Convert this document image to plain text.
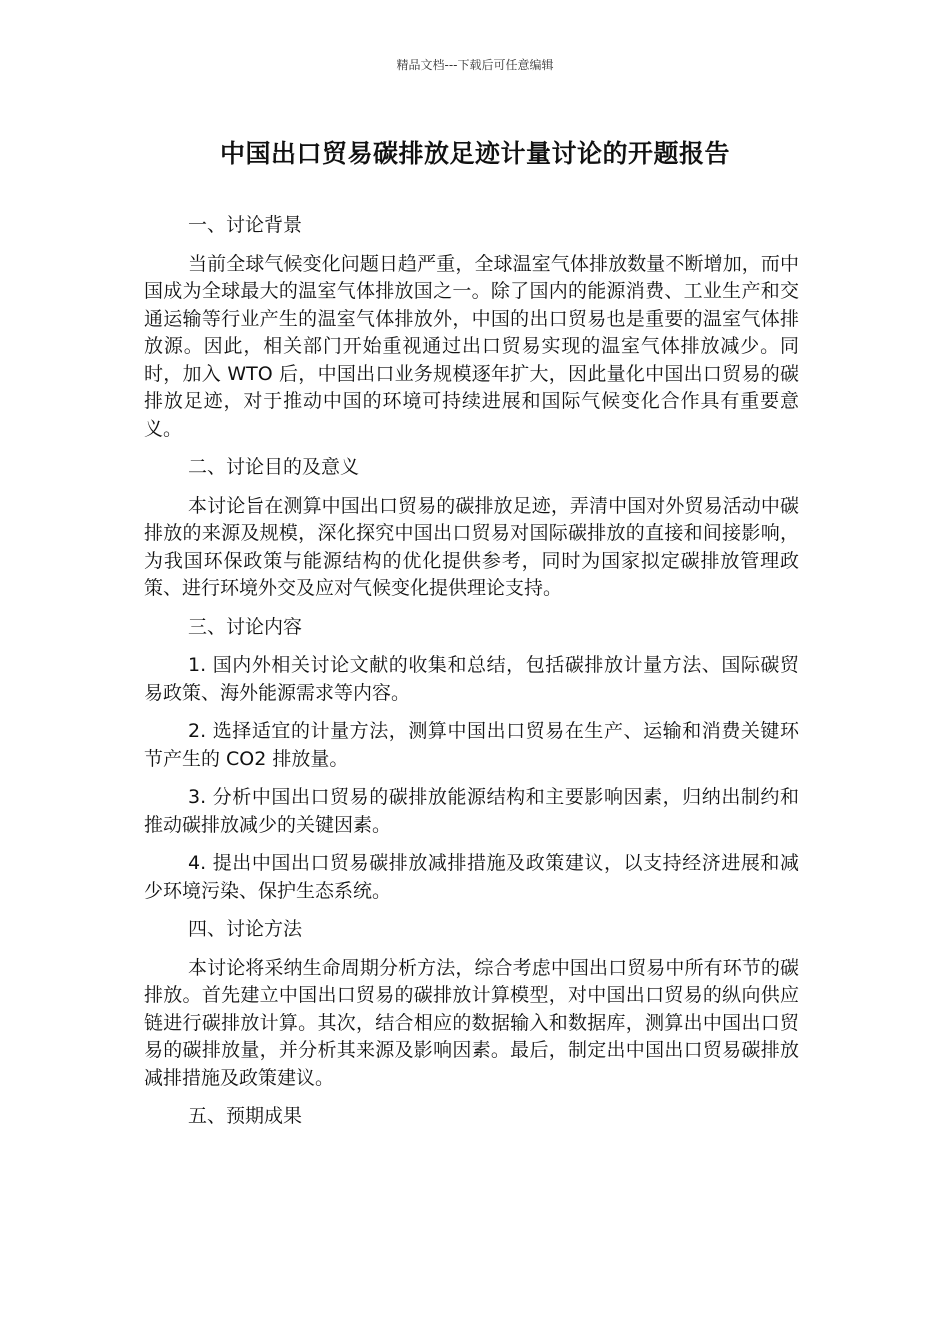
精品文档---下载后可任意编辑
中国出口贸易碳排放足迹计量讨论的开题报告

一、讨论背景

当前全球气候变化问题日趋严重，全球温室气体排放数量不断增加，而中国成为全球最大的温室气体排放国之一。除了国内的能源消费、工业生产和交通运输等行业产生的温室气体排放外，中国的出口贸易也是重要的温室气体排放源。因此，相关部门开始重视通过出口贸易实现的温室气体排放减少。同时，加入 WTO 后，中国出口业务规模逐年扩大，因此量化中国出口贸易的碳排放足迹，对于推动中国的环境可持续进展和国际气候变化合作具有重要意义。

二、讨论目的及意义

本讨论旨在测算中国出口贸易的碳排放足迹，弄清中国对外贸易活动中碳排放的来源及规模，深化探究中国出口贸易对国际碳排放的直接和间接影响，为我国环保政策与能源结构的优化提供参考，同时为国家拟定碳排放管理政策、进行环境外交及应对气候变化提供理论支持。

三、讨论内容

1. 国内外相关讨论文献的收集和总结，包括碳排放计量方法、国际碳贸易政策、海外能源需求等内容。

2. 选择适宜的计量方法，测算中国出口贸易在生产、运输和消费关键环节产生的 CO2 排放量。

3. 分析中国出口贸易的碳排放能源结构和主要影响因素，归纳出制约和推动碳排放减少的关键因素。

4. 提出中国出口贸易碳排放减排措施及政策建议，以支持经济进展和减少环境污染、保护生态系统。

四、讨论方法

本讨论将采纳生命周期分析方法，综合考虑中国出口贸易中所有环节的碳排放。首先建立中国出口贸易的碳排放计算模型，对中国出口贸易的纵向供应链进行碳排放计算。其次，结合相应的数据输入和数据库，测算出中国出口贸易的碳排放量，并分析其来源及影响因素。最后，制定出中国出口贸易碳排放减排措施及政策建议。

五、预期成果
